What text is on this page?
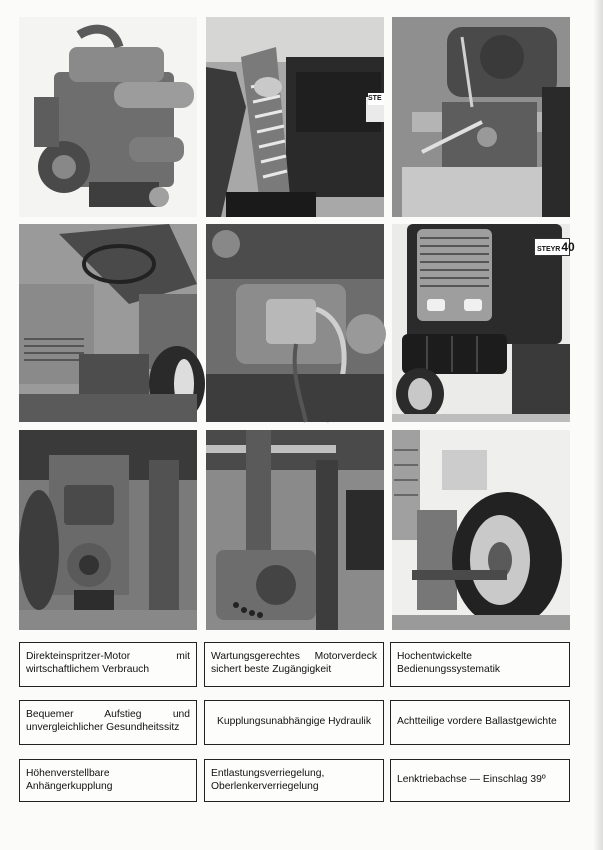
STEYR40
STE
Direkteinspritzer-Motor mit wirtschaftlichem Verbrauch
Wartungsgerechtes Motorverdeck sichert beste Zugängigkeit
Hochentwickelte Bedienungssystematik
Bequemer Aufstieg und unvergleichlicher Gesundheitssitz
Kupplungsunabhängige Hydraulik	Achtteilige vordere Ballastgewichte
Höhenverstellbare Anhängerkupplung
Entlastungsverriegelung, Oberlenkerverriegelung
Lenktriebachse — Einschlag 39º
